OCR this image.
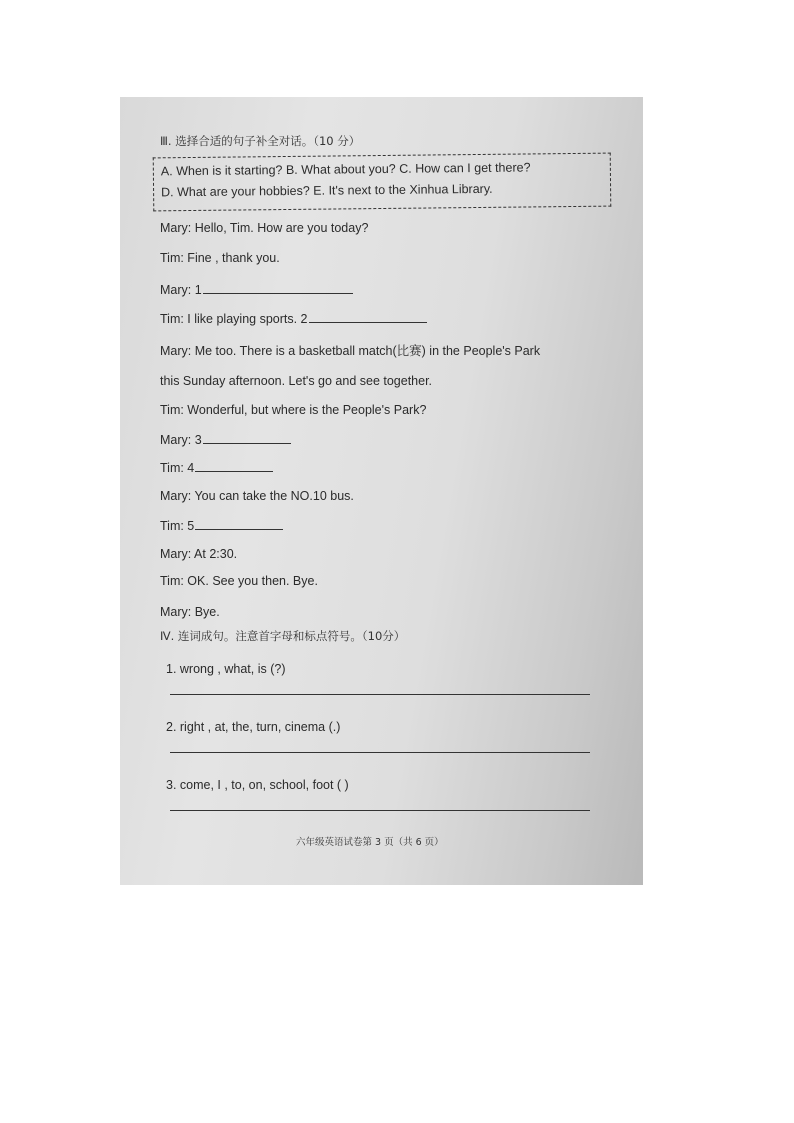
Ⅲ. 选择合适的句子补全对话。（10 分）
A. When is it starting? B. What about you? C. How can I get there?
D. What are your hobbies? E. It's next to the Xinhua Library.
Mary: Hello, Tim. How are you today?
Tim: Fine , thank you.
Mary: 1
Tim: I like playing sports. 2
Mary: Me too. There is a basketball match(比赛) in the People's Park
this Sunday afternoon. Let's go and see together.
Tim: Wonderful, but where is the People's Park?
Mary: 3
Tim: 4
Mary: You can take the NO.10 bus.
Tim: 5
Mary: At 2:30.
Tim: OK. See you then. Bye.
Mary: Bye.
Ⅳ. 连词成句。注意首字母和标点符号。（10分）
1. wrong , what, is (?)
2. right , at, the, turn, cinema (.)
3. come, I , to, on, school, foot ( )
六年级英语试卷第 3 页（共 6 页）
